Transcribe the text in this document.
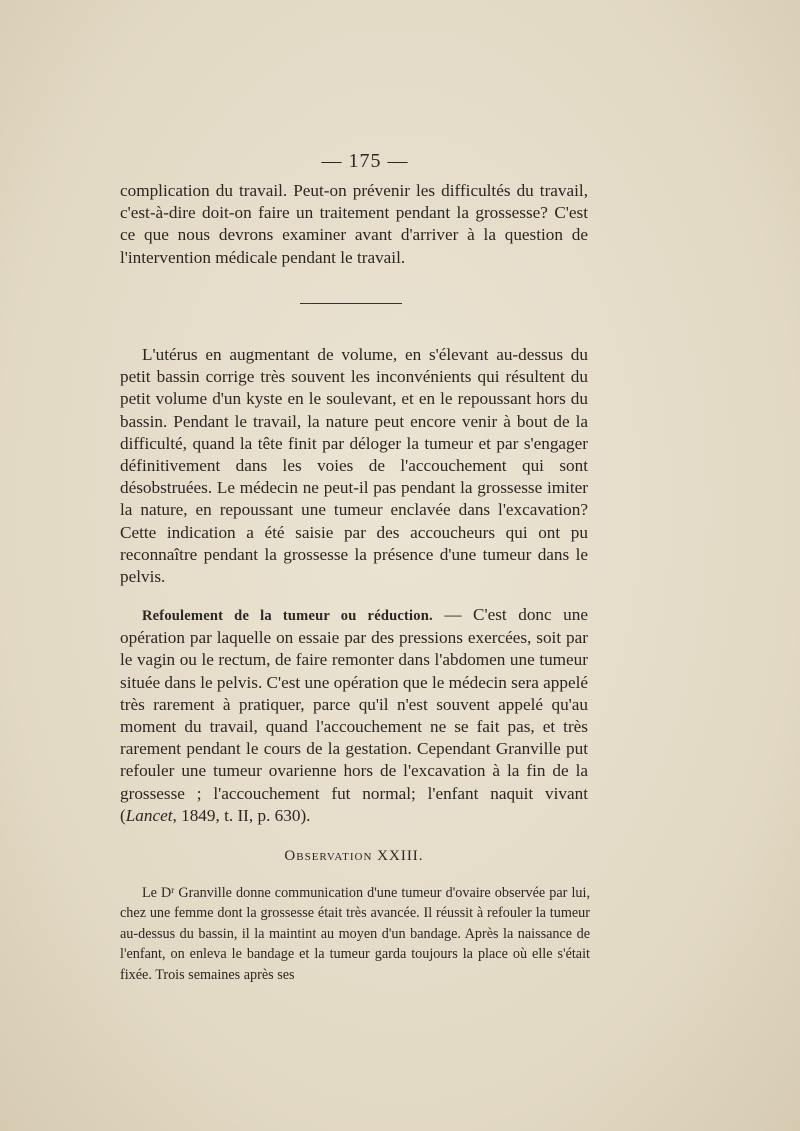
— 175 —

complication du travail. Peut-on prévenir les difficultés du travail, c'est-à-dire doit-on faire un traitement pendant la grossesse? C'est ce que nous devrons examiner avant d'arriver à la question de l'intervention médicale pendant le travail.

L'utérus en augmentant de volume, en s'élevant au-dessus du petit bassin corrige très souvent les inconvénients qui résultent du petit volume d'un kyste en le soulevant, et en le repoussant hors du bassin. Pendant le travail, la nature peut encore venir à bout de la difficulté, quand la tête finit par déloger la tumeur et par s'engager définitivement dans les voies de l'accouchement qui sont désobstruées. Le médecin ne peut-il pas pendant la grossesse imiter la nature, en repoussant une tumeur enclavée dans l'excavation? Cette indication a été saisie par des accoucheurs qui ont pu reconnaître pendant la grossesse la présence d'une tumeur dans le pelvis.

Refoulement de la tumeur ou réduction. — C'est donc une opération par laquelle on essaie par des pressions exercées, soit par le vagin ou le rectum, de faire remonter dans l'abdomen une tumeur située dans le pelvis. C'est une opération que le médecin sera appelé très rarement à pratiquer, parce qu'il n'est souvent appelé qu'au moment du travail, quand l'accouchement ne se fait pas, et très rarement pendant le cours de la gestation. Cependant Granville put refouler une tumeur ovarienne hors de l'excavation à la fin de la grossesse ; l'accouchement fut normal; l'enfant naquit vivant (Lancet, 1849, t. II, p. 630).

Observation XXIII.

Le $D^r$ Granville donne communication d'une tumeur d'ovaire observée par lui, chez une femme dont la grossesse était très avancée. Il réussit à refouler la tumeur au-dessus du bassin, il la maintint au moyen d'un bandage. Après la naissance de l'enfant, on enleva le bandage et la tumeur garda toujours la place où elle s'était fixée. Trois semaines après ses
